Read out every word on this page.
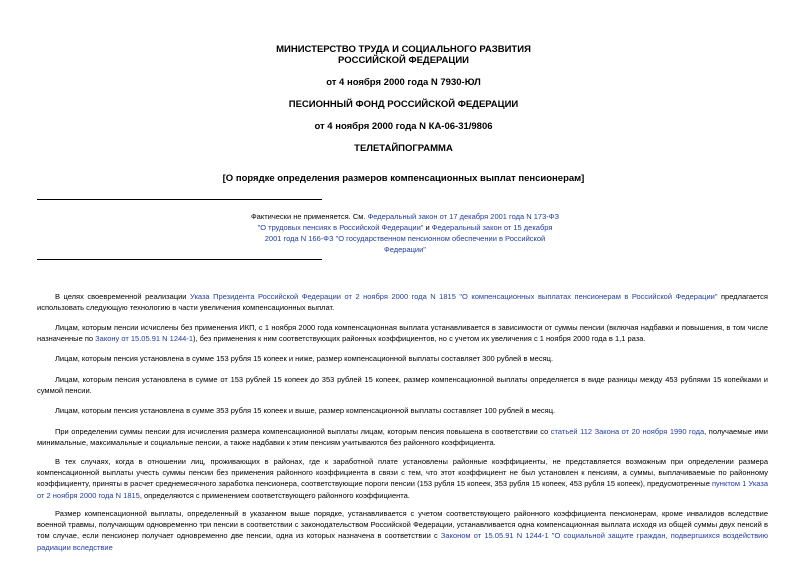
МИНИСТЕРСТВО ТРУДА И СОЦИАЛЬНОГО РАЗВИТИЯ
РОССИЙСКОЙ ФЕДЕРАЦИИ
от 4 ноября 2000 года N 7930-ЮЛ
ПЕСИОННЫЙ ФОНД РОССИЙСКОЙ ФЕДЕРАЦИИ
от 4 ноября 2000 года N КА-06-31/9806
ТЕЛЕТАЙПОГРАММА
[О порядке определения размеров компенсационных выплат пенсионерам]
Фактически не применяется. См. Федеральный закон от 17 декабря 2001 года N 173-ФЗ "О трудовых пенсиях в Российской Федерации" и Федеральный закон от 15 декабря 2001 года N 166-ФЗ "О государственном пенсионном обеспечении в Российской Федерации"
В целях своевременной реализации Указа Президента Российской Федерации от 2 ноября 2000 года N 1815 "О компенсационных выплатах пенсионерам в Российской Федерации" предлагается использовать следующую технологию в части увеличения компенсационных выплат.
Лицам, которым пенсии исчислены без применения ИКП, с 1 ноября 2000 года компенсационная выплата устанавливается в зависимости от суммы пенсии (включая надбавки и повышения, в том числе назначенные по Закону от 15.05.91 N 1244-1), без применения к ним соответствующих районных коэффициентов, но с учетом их увеличения с 1 ноября 2000 года в 1,1 раза.
Лицам, которым пенсия установлена в сумме 153 рубля 15 копеек и ниже, размер компенсационной выплаты составляет 300 рублей в месяц.
Лицам, которым пенсия установлена в сумме от 153 рублей 15 копеек до 353 рублей 15 копеек, размер компенсационной выплаты определяется в виде разницы между 453 рублями 15 копейками и суммой пенсии.
Лицам, которым пенсия установлена в сумме 353 рубля 15 копеек и выше, размер компенсационной выплаты составляет 100 рублей в месяц.
При определении суммы пенсии для исчисления размера компенсационной выплаты лицам, которым пенсия повышена в соответствии со статьей 112 Закона от 20 ноября 1990 года, получаемые ими минимальные, максимальные и социальные пенсии, а также надбавки к этим пенсиям учитываются без районного коэффициента.
В тех случаях, когда в отношении лиц, проживающих в районах, где к заработной плате установлены районные коэффициенты, не представляется возможным при определении размера компенсационной выплаты учесть суммы пенсии без применения районного коэффициента в связи с тем, что этот коэффициент не был установлен к пенсиям, а суммы, выплачиваемые по районному коэффициенту, приняты в расчет среднемесячного заработка пенсионера, соответствующие пороги пенсии (153 рубля 15 копеек, 353 рубля 15 копеек, 453 рубля 15 копеек), предусмотренные пунктом 1 Указа от 2 ноября 2000 года N 1815, определяются с применением соответствующего районного коэффициента.
Размер компенсационной выплаты, определенный в указанном выше порядке, устанавливается с учетом соответствующего районного коэффициента пенсионерам, кроме инвалидов вследствие военной травмы, получающим одновременно три пенсии в соответствии с законодательством Российской Федерации, устанавливается одна компенсационная выплата исходя из общей суммы двух пенсий в том случае, если пенсионер получает одновременно две пенсии, одна из которых назначена в соответствии с Законом от 15.05.91 N 1244-1 "О социальной защите граждан, подвергшихся воздействию радиации вследствие
